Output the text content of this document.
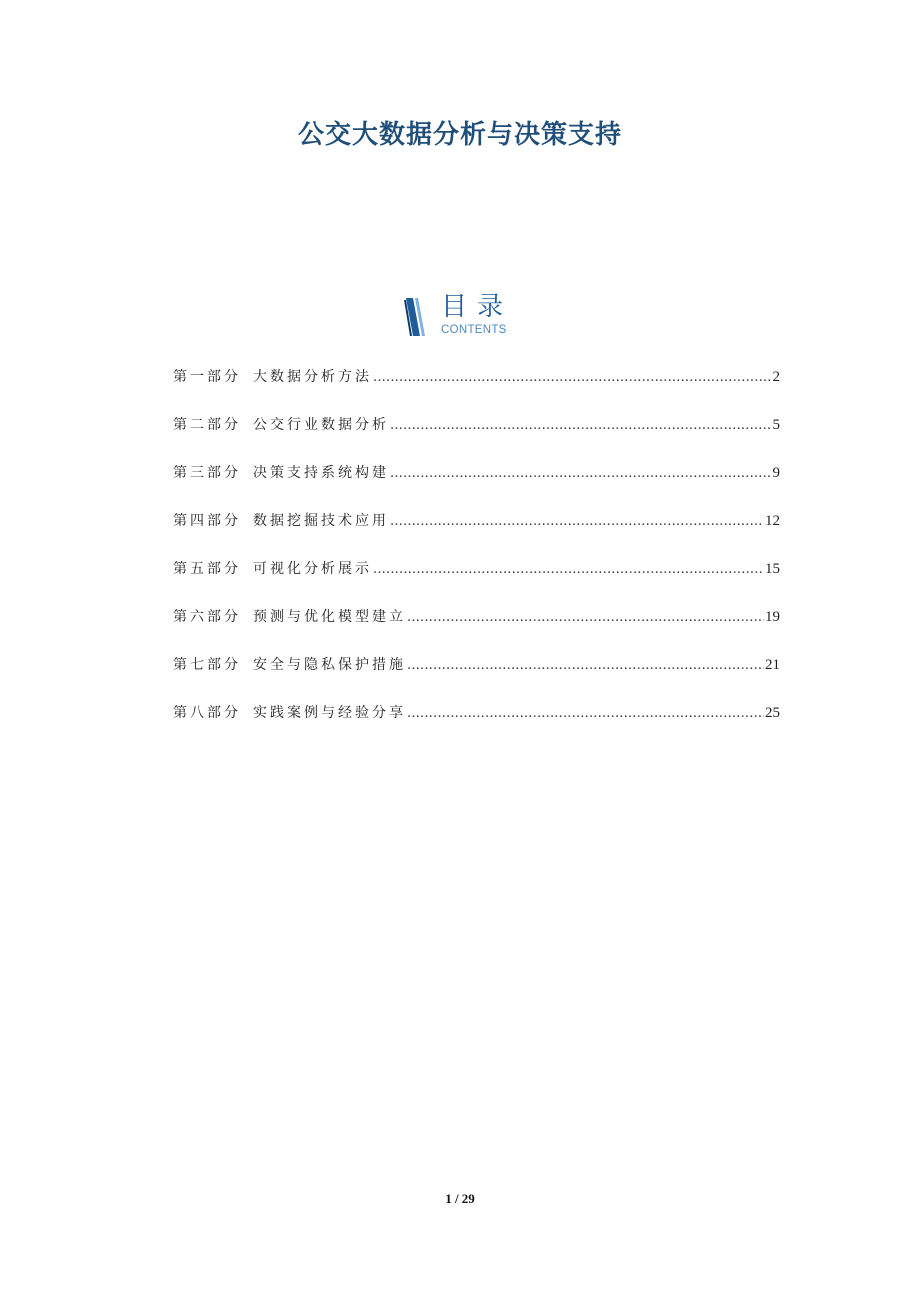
公交大数据分析与决策支持
目录
CONTENTS
第一部分 大数据分析方法 .....	2
第二部分 公交行业数据分析 .....	5
第三部分 决策支持系统构建 .....	9
第四部分 数据挖掘技术应用 .....	12
第五部分 可视化分析展示 .....	15
第六部分 预测与优化模型建立 .....	19
第七部分 安全与隐私保护措施 .....	21
第八部分 实践案例与经验分享 .....	25
1 / 29
